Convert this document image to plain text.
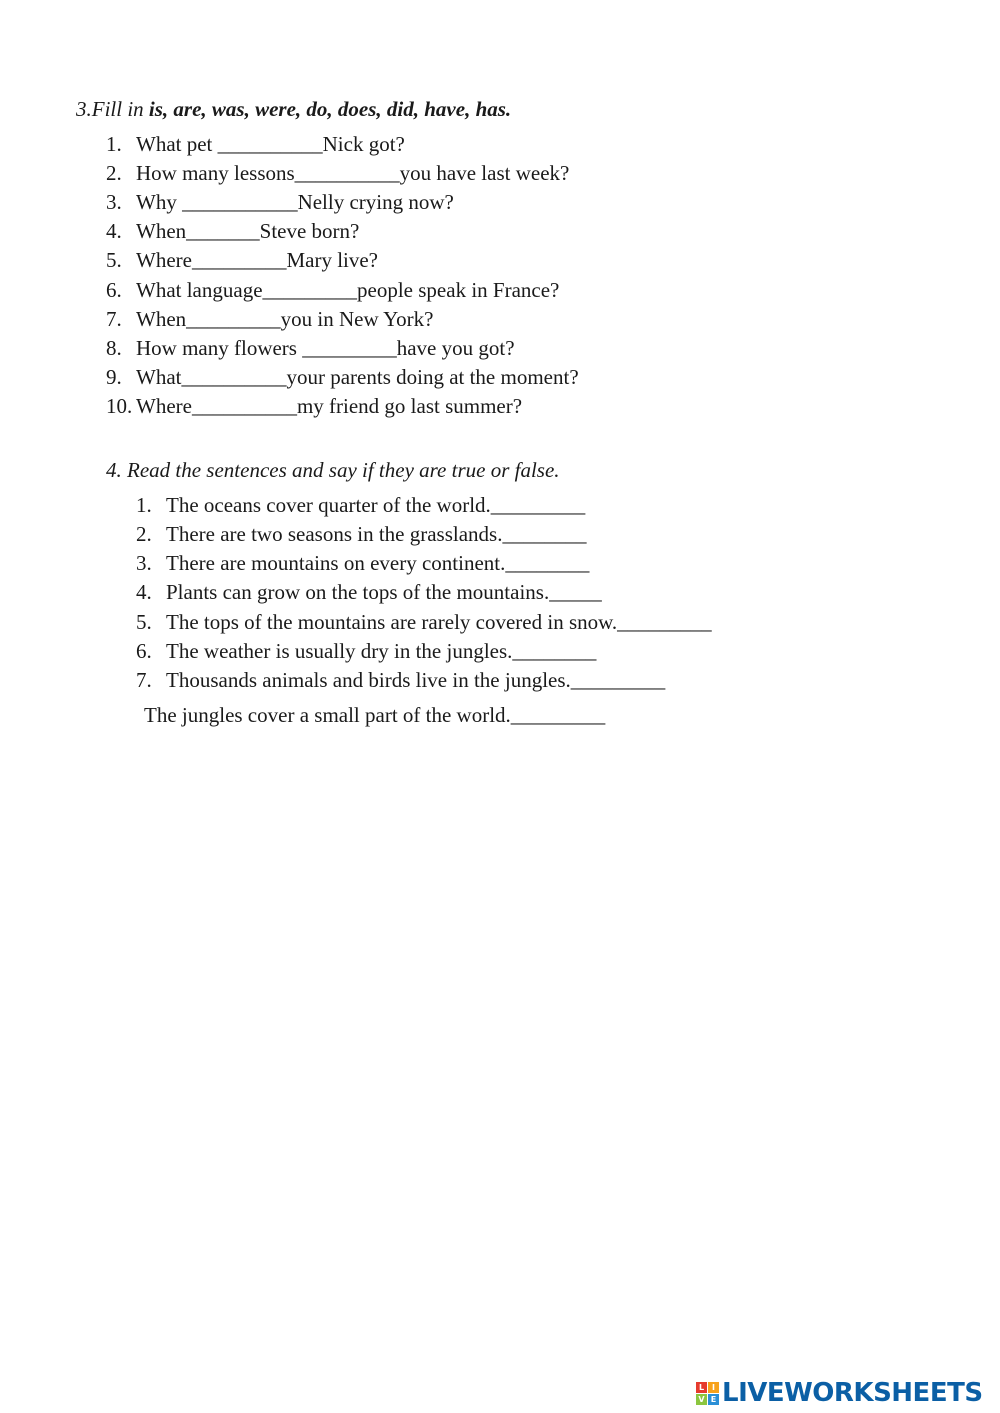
3.Fill in is, are, was, were, do, does, did, have, has.
1. What pet __________Nick got?
2. How many lessons__________you have last week?
3. Why ___________Nelly crying now?
4. When_______Steve born?
5. Where_________Mary live?
6. What language_________people speak in France?
7. When_________you in New York?
8. How many flowers _________have you got?
9. What__________your parents doing at the moment?
10. Where__________my friend go last summer?
4. Read the sentences and say if they are true or false.
1. The oceans cover quarter of the world._________
2. There are two seasons in the grasslands.________
3. There are mountains on every continent.________
4. Plants can grow on the tops of the mountains._____
5. The tops of the mountains are rarely covered in snow._________
6. The weather is usually dry in the jungles.________
7. Thousands animals and birds live in the jungles._________
The jungles cover a small part of the world._________
L I
V E LIVEWORKSHEETS
